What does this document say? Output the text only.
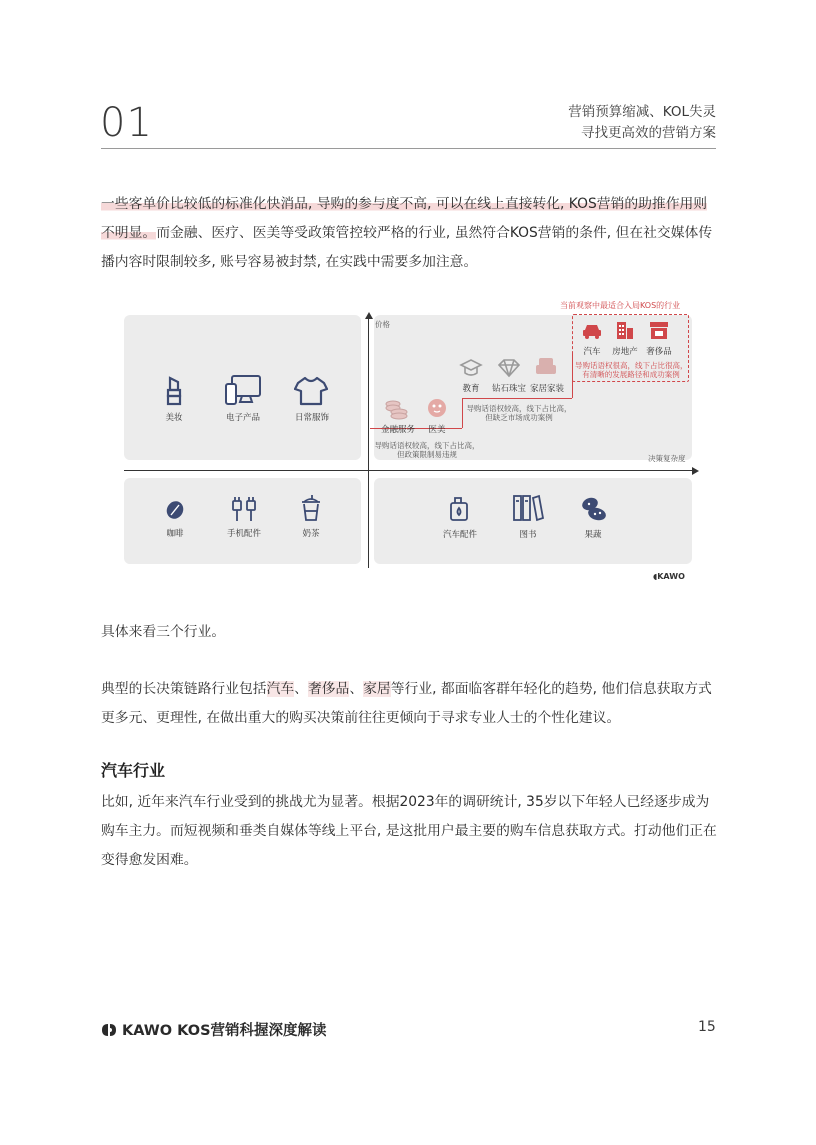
01	营销预算缩减、KOL失灵
寻找更高效的营销方案
一些客单价比较低的标准化快消品, 导购的参与度不高, 可以在线上直接转化, KOS营销的助推作用则不明显。而金融、医疗、医美等受政策管控较严格的行业, 虽然符合KOS营销的条件, 但在社交媒体传播内容时限制较多, 账号容易被封禁, 在实践中需要多加注意。
价格
决策复杂度
当前观察中最适合入局KOS的行业
美妆	电子产品	日常服饰
汽车	房地产 奢侈品
导购话语权很高，线下占比很高，
有清晰的发展路径和成功案例
教育	钻石珠宝 家居家装
导购话语权较高，线下占比高，
但缺乏市场成功案例
金融服务	医美
导购话语权较高，线下占比高，
但政策限制易违规
咖啡	手机配件	奶茶	汽车配件	图书	果蔬
◖KAWO
具体来看三个行业。
典型的长决策链路行业包括汽车、奢侈品、家居等行业, 都面临客群年轻化的趋势, 他们信息获取方式更多元、更理性, 在做出重大的购买决策前往往更倾向于寻求专业人士的个性化建议。
汽车行业
比如, 近年来汽车行业受到的挑战尤为显著。根据2023年的调研统计, 35岁以下年轻人已经逐步成为购车主力。而短视频和垂类自媒体等线上平台, 是这批用户最主要的购车信息获取方式。打动他们正在变得愈发困难。
KAWO KOS营销科握深度解读	15
